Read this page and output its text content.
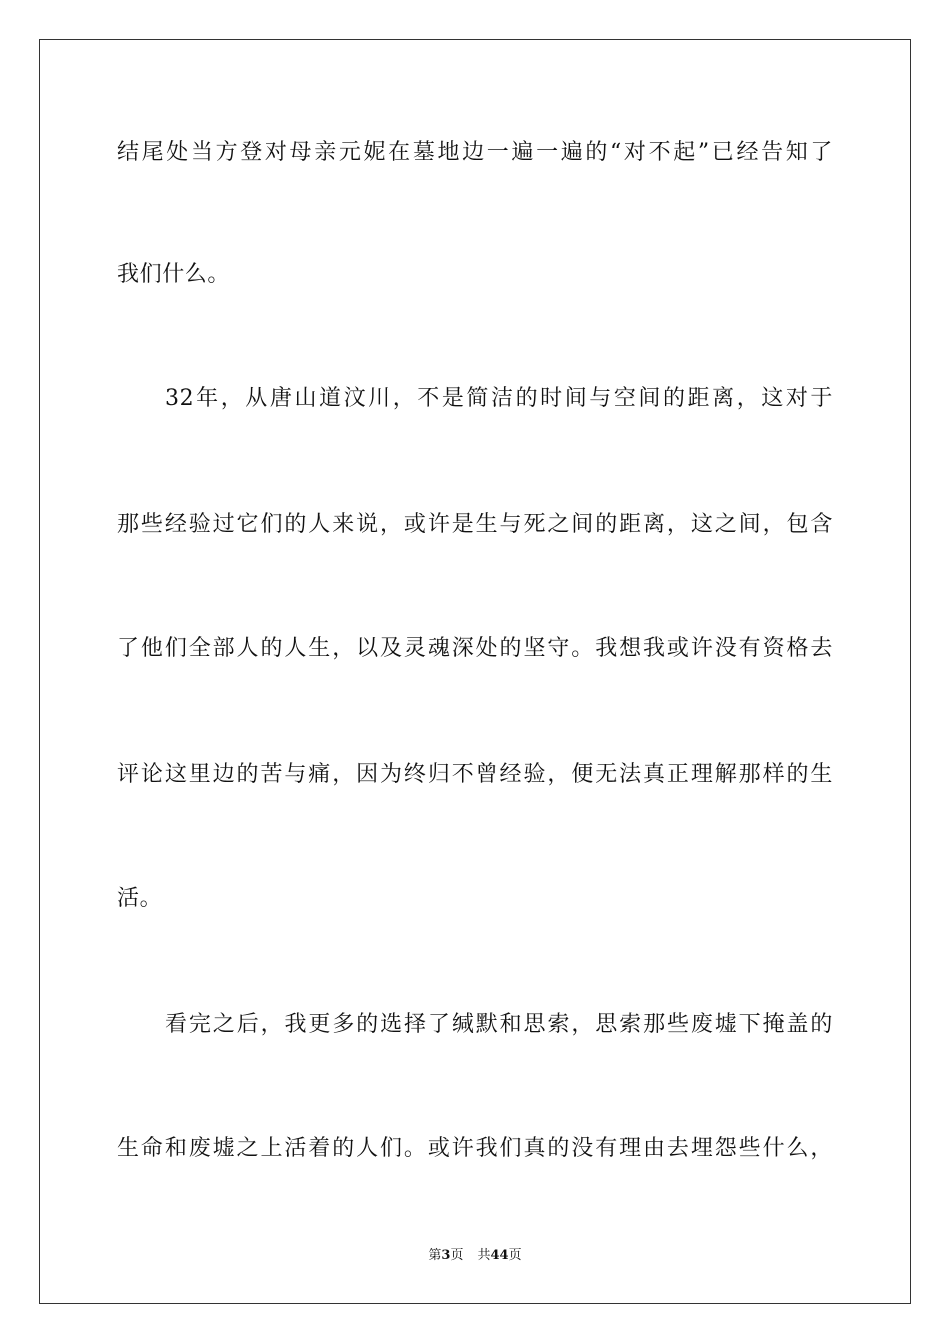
结尾处当方登对母亲元妮在墓地边一遍一遍的“对不起”已经告知了
我们什么。
32年，从唐山道汶川，不是简洁的时间与空间的距离，这对于
那些经验过它们的人来说，或许是生与死之间的距离，这之间，包含
了他们全部人的人生，以及灵魂深处的坚守。我想我或许没有资格去
评论这里边的苦与痛，因为终归不曾经验，便无法真正理解那样的生
活。
看完之后，我更多的选择了缄默和思索，思索那些废墟下掩盖的
生命和废墟之上活着的人们。或许我们真的没有理由去埋怨些什么，
第3页 共44页
